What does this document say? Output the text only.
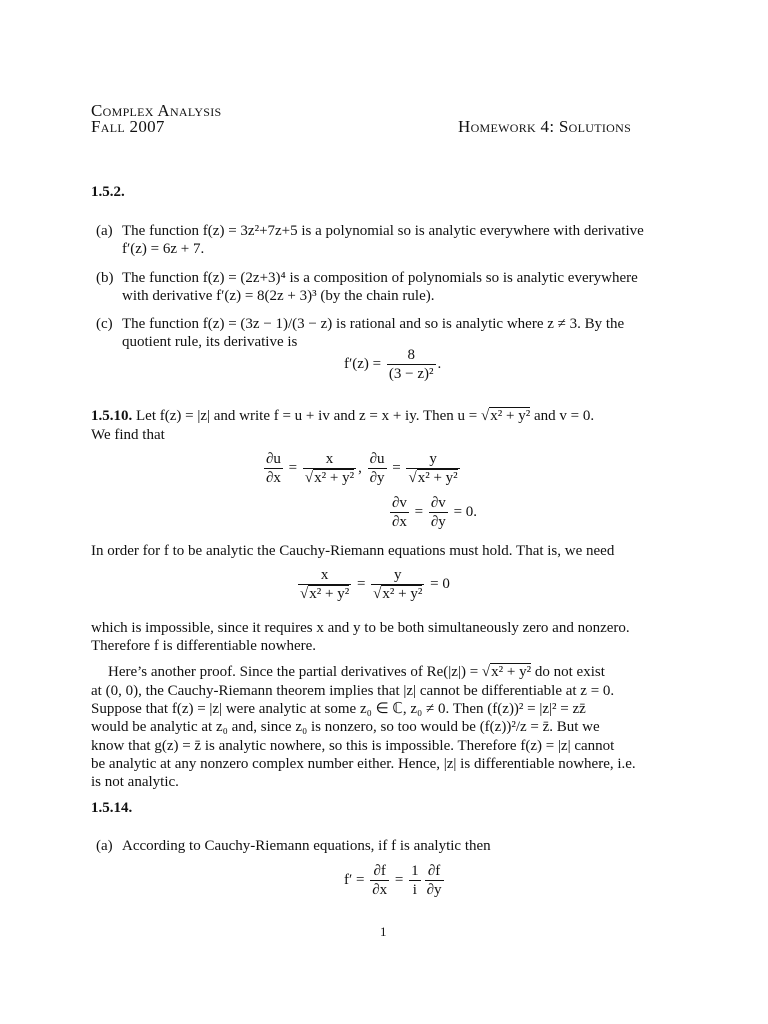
Complex Analysis
Fall 2007	Homework 4: Solutions
1.5.2.
(a) The function f(z) = 3z²+7z+5 is a polynomial so is analytic everywhere with derivative
f′(z) = 6z + 7.
(b) The function f(z) = (2z+3)⁴ is a composition of polynomials so is analytic everywhere
with derivative f′(z) = 8(2z + 3)³ (by the chain rule).
(c) The function f(z) = (3z − 1)/(3 − z) is rational and so is analytic where z ≠ 3. By the
quotient rule, its derivative is
$f'(z) = \frac{8}{\text{(3 − z)²}}$ .
1.5.10. Let f(z) = |z| and write f = u + iv and z = x + iy. Then u = √x² + y² and v = 0.
We find that
$\frac{\partial u}{\partial x} = \frac{x}{\text{√x² + y²}}$ , $\frac{\partial u}{\partial y} = \frac{y}{\text{√x² + y²}}$
$\frac{\partial v}{\partial x} = \frac{\partial v}{\partial y} = 0$.
In order for f to be analytic the Cauchy-Riemann equations must hold. That is, we need
$\frac{x}{\text{√x² + y²}} = \frac{y}{\text{√x² + y²}} = 0$
which is impossible, since it requires x and y to be both simultaneously zero and nonzero.
Therefore f is differentiable nowhere.
Here’s another proof. Since the partial derivatives of Re(|z|) = √x² + y² do not exist
at (0, 0), the Cauchy-Riemann theorem implies that |z| cannot be differentiable at z = 0.
Suppose that f(z) = |z| were analytic at some z₀ ∈ ℂ, z₀ ≠ 0. Then (f(z))² = |z|² = zz̄
would be analytic at z₀ and, since z₀ is nonzero, so too would be (f(z))²/z = z̄. But we
know that g(z) = z̄ is analytic nowhere, so this is impossible. Therefore f(z) = |z| cannot
be analytic at any nonzero complex number either. Hence, |z| is differentiable nowhere, i.e.
is not analytic.
1.5.14.
(a) According to Cauchy-Riemann equations, if f is analytic then
$f' = \frac{\partial f}{\partial x} = \frac{1}{i} \frac{\partial f}{\partial y}$
1
